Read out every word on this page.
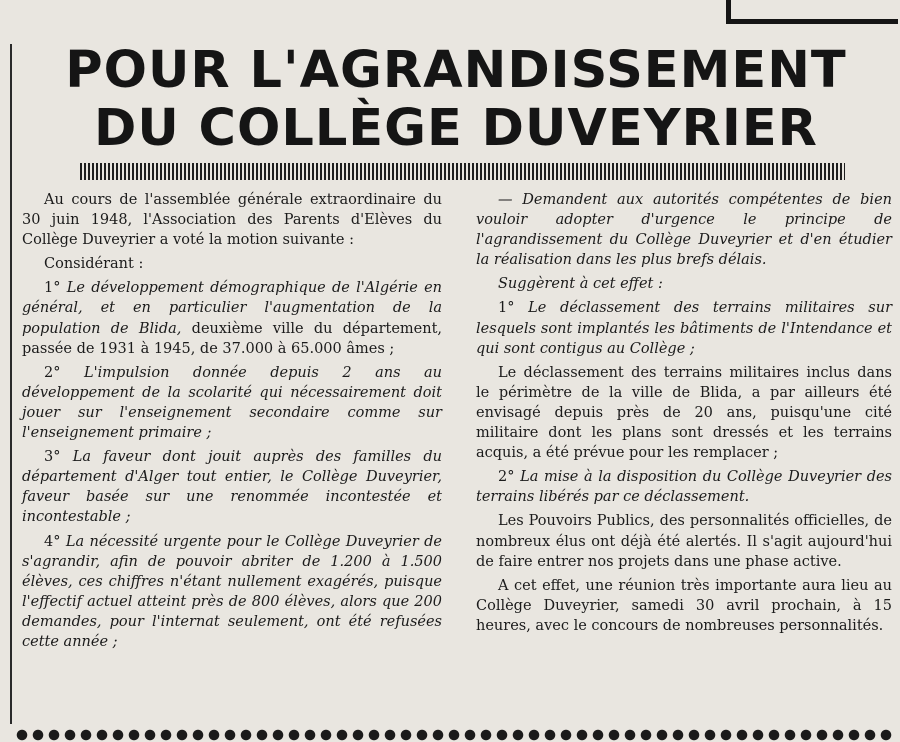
POUR L'AGRANDISSEMENT
DU COLLÈGE DUVEYRIER

Au cours de l'assemblée générale extraordinaire du 30 juin 1948, l'Association des Parents d'Elèves du Collège Duveyrier a voté la motion suivante :

Considérant :

1° Le développement démographique de l'Algérie en général, et en particulier l'augmentation de la population de Blida, deuxième ville du département, passée de 1931 à 1945, de 37.000 à 65.000 âmes ;

2° L'impulsion donnée depuis 2 ans au développement de la scolarité qui nécessairement doit jouer sur l'enseignement secondaire comme sur l'enseignement primaire ;

3° La faveur dont jouit auprès des familles du département d'Alger tout entier, le Collège Duveyrier, faveur basée sur une renommée incontestée et incontestable ;

4° La nécessité urgente pour le Collège Duveyrier de s'agrandir, afin de pouvoir abriter de 1.200 à 1.500 élèves, ces chiffres n'étant nullement exagérés, puisque l'effectif actuel atteint près de 800 élèves, alors que 200 demandes, pour l'internat seulement, ont été refusées cette année ;

— Demandent aux autorités compétentes de bien vouloir adopter d'urgence le principe de l'agrandissement du Collège Duveyrier et d'en étudier la réalisation dans les plus brefs délais.

Suggèrent à cet effet :

1° Le déclassement des terrains militaires sur lesquels sont implantés les bâtiments de l'Intendance et qui sont contigus au Collège ;

Le déclassement des terrains militaires inclus dans le périmètre de la ville de Blida, a par ailleurs été envisagé depuis près de 20 ans, puisqu'une cité militaire dont les plans sont dressés et les terrains acquis, a été prévue pour les remplacer ;

2° La mise à la disposition du Collège Duveyrier des terrains libérés par ce déclassement.

Les Pouvoirs Publics, des personnalités officielles, de nombreux élus ont déjà été alertés. Il s'agit aujourd'hui de faire entrer nos projets dans une phase active.

A cet effet, une réunion très importante aura lieu au Collège Duveyrier, samedi 30 avril prochain, à 15 heures, avec le concours de nombreuses personnalités.
